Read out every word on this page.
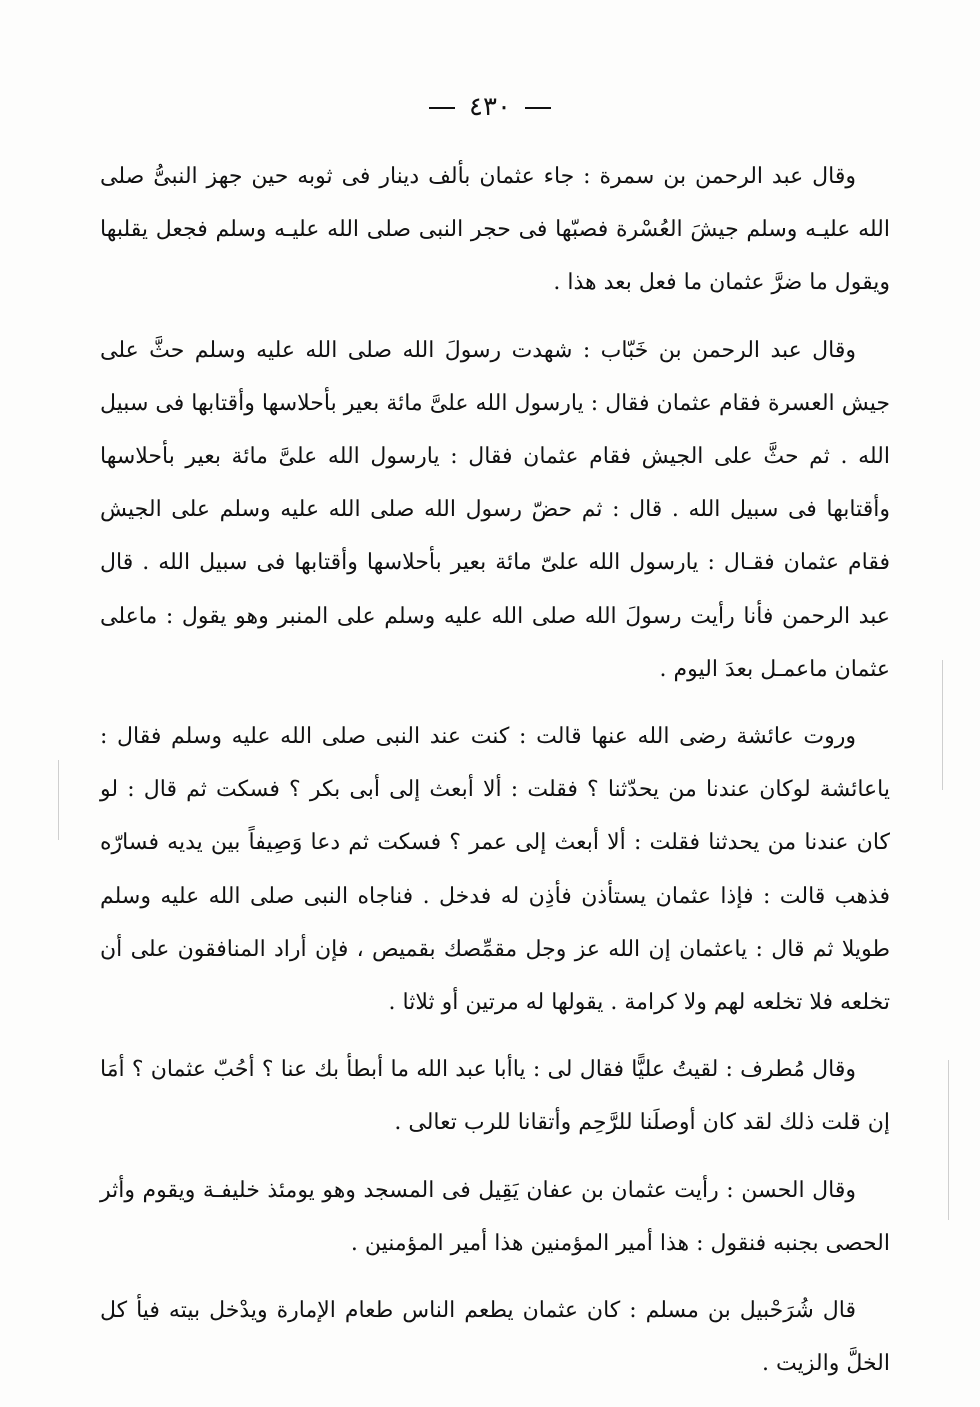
٤٣٠

وقال عبد الرحمن بن سمرة : جاء عثمان بألف دينار فى ثوبه حين جهز النبىُّ صلى الله عليـه وسلم جيشَ العُسْرة فصبّها فى حجر النبى صلى الله عليـه وسلم فجعل يقلبها ويقول ما ضرَّ عثمان ما فعل بعد هذا .

وقال عبد الرحمن بن خَبّاب : شهدت رسولَ الله صلى الله عليه وسلم حثَّ على جيش العسرة فقام عثمان فقال : يارسول الله علىَّ مائة بعير بأحلاسها وأقتابها فى سبيل الله . ثم حثَّ على الجيش فقام عثمان فقال : يارسول الله علىَّ مائة بعير بأحلاسها وأقتابها فى سبيل الله . قال : ثم حضّ رسول الله صلى الله عليه وسلم على الجيش فقام عثمان فقـال : يارسول الله علىّ مائة بعير بأحلاسها وأقتابها فى سبيل الله . قال عبد الرحمن فأنا رأيت رسولَ الله صلى الله عليه وسلم على المنبر وهو يقول : ماعلى عثمان ماعمـل بعدَ اليوم .

وروت عائشة رضى الله عنها قالت : كنت عند النبى صلى الله عليه وسلم فقال : ياعائشة لوكان عندنا من يحدّثنا ؟ فقلت : ألا أبعث إلى أبى بكر ؟ فسكت ثم قال : لو كان عندنا من يحدثنا فقلت : ألا أبعث إلى عمر ؟ فسكت ثم دعا وَصِيفاً بين يديه فسارّه فذهب قالت : فإذا عثمان يستأذن فأذِن له فدخل . فناجاه النبى صلى الله عليه وسلم طويلا ثم قال : ياعثمان إن الله عز وجل مقمِّصك بقميص ، فإن أراد المنافقون على أن تخلعه فلا تخلعه لهم ولا كرامة . يقولها له مرتين أو ثلاثا .

وقال مُطرف : لقيتُ عليًّا فقال لى : ياأبا عبد الله ما أبطأ بك عنا ؟ أحُبّ عثمان ؟ أمَا إن قلت ذلك لقد كان أوصلَنا للرَّحِم وأتقانا للرب تعالى .

وقال الحسن : رأيت عثمان بن عفان يَقِيل فى المسجد وهو يومئذ خليفـة ويقوم وأثر الحصى بجنبه فنقول : هذا أمير المؤمنين هذا أمير المؤمنين .

قال شُرَحْبيل بن مسلم : كان عثمان يطعم الناس طعام الإمارة ويدْخل بيته فيأ كل الخلَّ والزيت .
